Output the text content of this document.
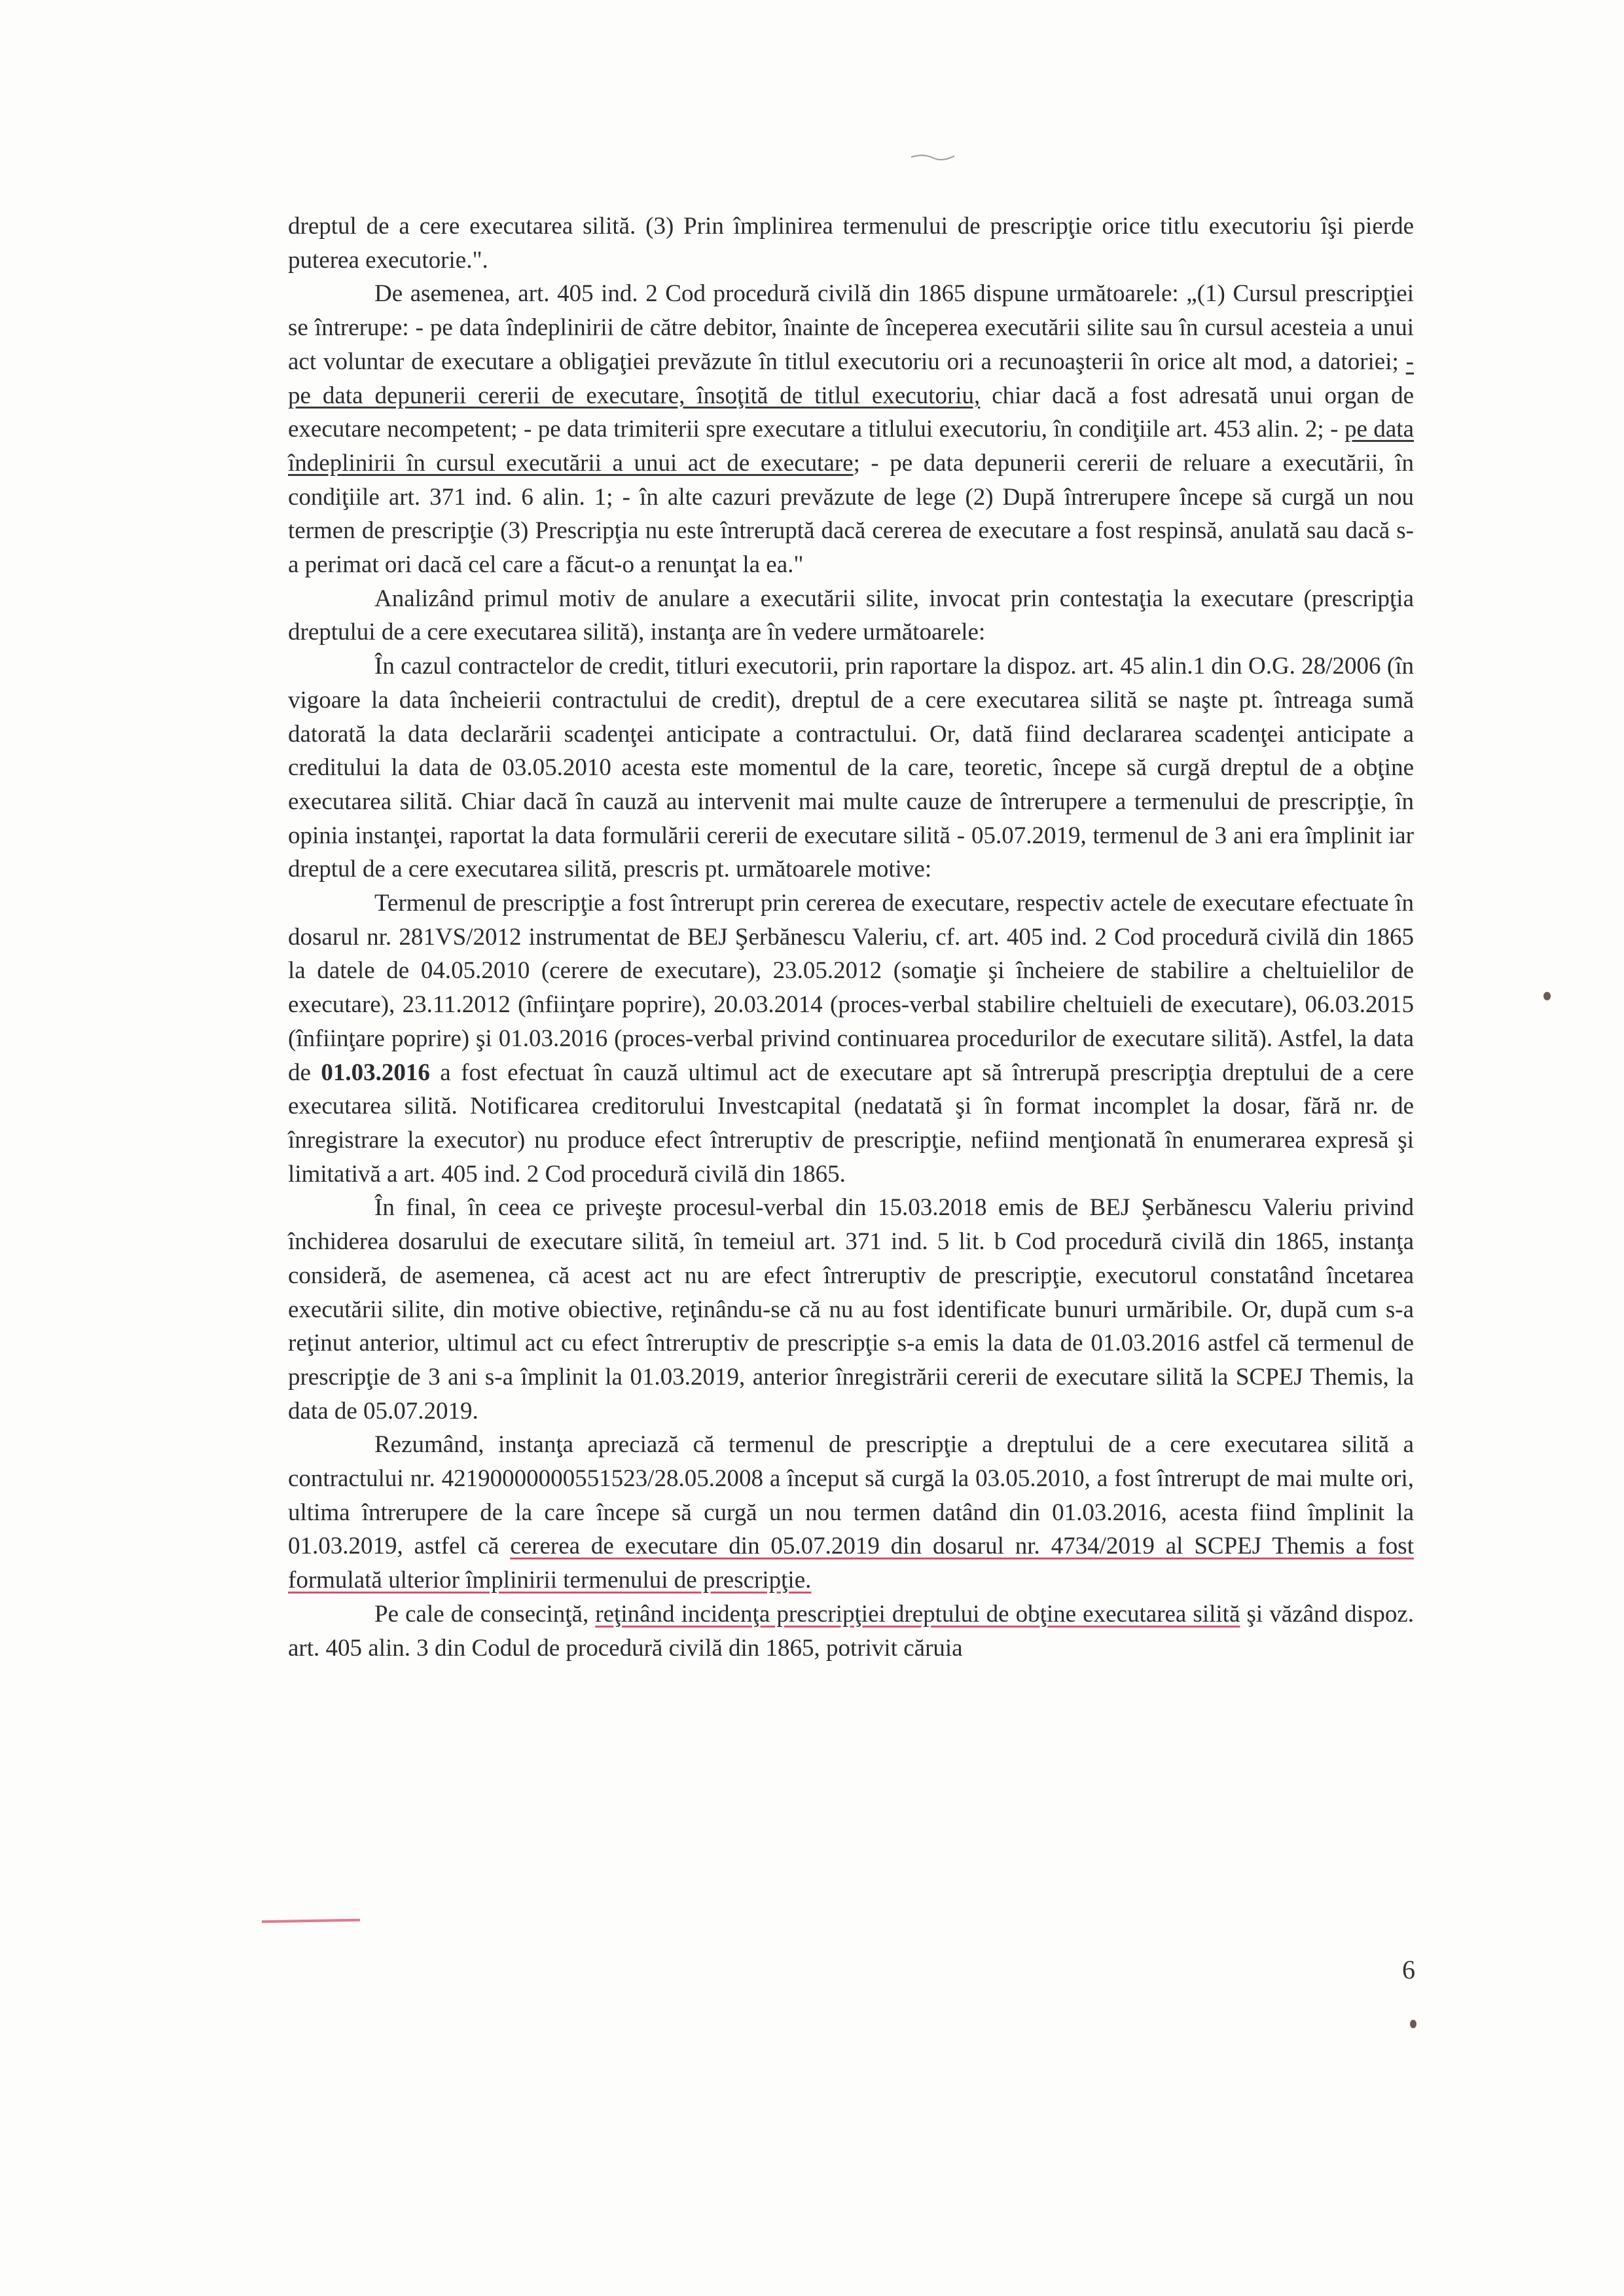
dreptul de a cere executarea silită. (3) Prin împlinirea termenului de prescripţie orice titlu executoriu îşi pierde puterea executorie.".

De asemenea, art. 405 ind. 2 Cod procedură civilă din 1865 dispune următoarele: „(1) Cursul prescripţiei se întrerupe: - pe data îndeplinirii de către debitor, înainte de începerea executării silite sau în cursul acesteia a unui act voluntar de executare a obligaţiei prevăzute în titlul executoriu ori a recunoaşterii în orice alt mod, a datoriei; - pe data depunerii cererii de executare, însoţită de titlul executoriu, chiar dacă a fost adresată unui organ de executare necompetent; - pe data trimiterii spre executare a titlului executoriu, în condiţiile art. 453 alin. 2; - pe data îndeplinirii în cursul executării a unui act de executare; - pe data depunerii cererii de reluare a executării, în condiţiile art. 371 ind. 6 alin. 1; - în alte cazuri prevăzute de lege (2) După întrerupere începe să curgă un nou termen de prescripţie (3) Prescripţia nu este întreruptă dacă cererea de executare a fost respinsă, anulată sau dacă s-a perimat ori dacă cel care a făcut-o a renunţat la ea."

Analizând primul motiv de anulare a executării silite, invocat prin contestaţia la executare (prescripţia dreptului de a cere executarea silită), instanţa are în vedere următoarele:

În cazul contractelor de credit, titluri executorii, prin raportare la dispoz. art. 45 alin.1 din O.G. 28/2006 (în vigoare la data încheierii contractului de credit), dreptul de a cere executarea silită se naşte pt. întreaga sumă datorată la data declarării scadenţei anticipate a contractului. Or, dată fiind declararea scadenţei anticipate a creditului la data de 03.05.2010 acesta este momentul de la care, teoretic, începe să curgă dreptul de a obţine executarea silită. Chiar dacă în cauză au intervenit mai multe cauze de întrerupere a termenului de prescripţie, în opinia instanţei, raportat la data formulării cererii de executare silită - 05.07.2019, termenul de 3 ani era împlinit iar dreptul de a cere executarea silită, prescris pt. următoarele motive:

Termenul de prescripţie a fost întrerupt prin cererea de executare, respectiv actele de executare efectuate în dosarul nr. 281VS/2012 instrumentat de BEJ Şerbănescu Valeriu, cf. art. 405 ind. 2 Cod procedură civilă din 1865 la datele de 04.05.2010 (cerere de executare), 23.05.2012 (somaţie şi încheiere de stabilire a cheltuielilor de executare), 23.11.2012 (înfiinţare poprire), 20.03.2014 (proces-verbal stabilire cheltuieli de executare), 06.03.2015 (înfiinţare poprire) şi 01.03.2016 (proces-verbal privind continuarea procedurilor de executare silită). Astfel, la data de 01.03.2016 a fost efectuat în cauză ultimul act de executare apt să întrerupă prescripţia dreptului de a cere executarea silită. Notificarea creditorului Investcapital (nedatată şi în format incomplet la dosar, fără nr. de înregistrare la executor) nu produce efect întreruptiv de prescripţie, nefiind menţionată în enumerarea expresă şi limitativă a art. 405 ind. 2 Cod procedură civilă din 1865.

În final, în ceea ce priveşte procesul-verbal din 15.03.2018 emis de BEJ Şerbănescu Valeriu privind închiderea dosarului de executare silită, în temeiul art. 371 ind. 5 lit. b Cod procedură civilă din 1865, instanţa consideră, de asemenea, că acest act nu are efect întreruptiv de prescripţie, executorul constatând încetarea executării silite, din motive obiective, reţinându-se că nu au fost identificate bunuri urmăribile. Or, după cum s-a reţinut anterior, ultimul act cu efect întreruptiv de prescripţie s-a emis la data de 01.03.2016 astfel că termenul de prescripţie de 3 ani s-a împlinit la 01.03.2019, anterior înregistrării cererii de executare silită la SCPEJ Themis, la data de 05.07.2019.

Rezumând, instanţa apreciază că termenul de prescripţie a dreptului de a cere executarea silită a contractului nr. 42190000000551523/28.05.2008 a început să curgă la 03.05.2010, a fost întrerupt de mai multe ori, ultima întrerupere de la care începe să curgă un nou termen datând din 01.03.2016, acesta fiind împlinit la 01.03.2019, astfel că cererea de executare din 05.07.2019 din dosarul nr. 4734/2019 al SCPEJ Themis a fost formulată ulterior împlinirii termenului de prescripţie.

Pe cale de consecinţă, reţinând incidenţa prescripţiei dreptului de obţine executarea silită şi văzând dispoz. art. 405 alin. 3 din Codul de procedură civilă din 1865, potrivit căruia

6
